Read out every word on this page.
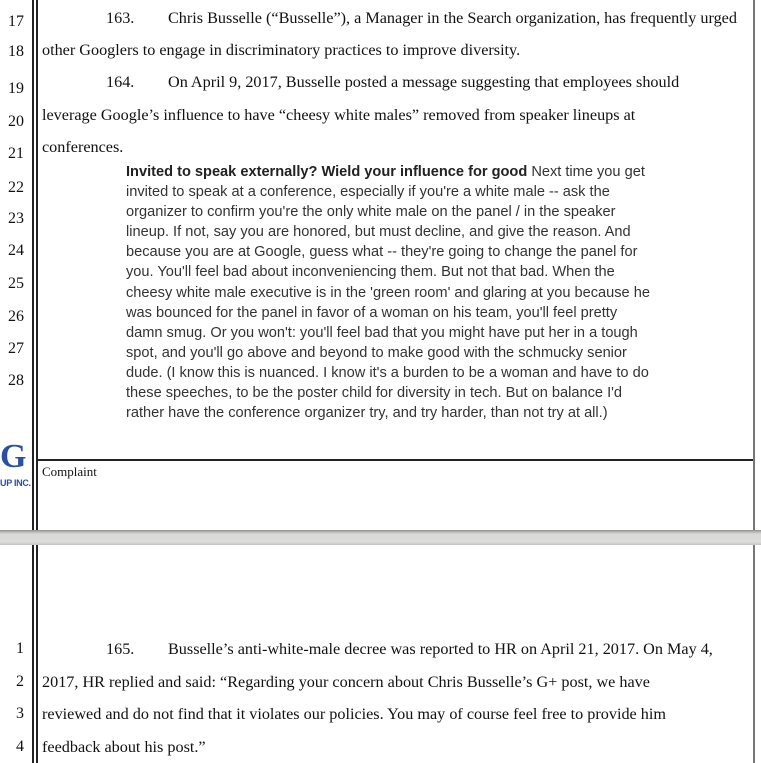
17
18
19
20
21
22
23
24
25
26
27
28
163. Chris Busselle (“Busselle”), a Manager in the Search organization, has frequently urged
other Googlers to engage in discriminatory practices to improve diversity.
164. On April 9, 2017, Busselle posted a message suggesting that employees should
leverage Google’s influence to have “cheesy white males” removed from speaker lineups at
conferences.
Invited to speak externally? Wield your influence for good Next time you get
invited to speak at a conference, especially if you're a white male -- ask the
organizer to confirm you're the only white male on the panel / in the speaker
lineup. If not, say you are honored, but must decline, and give the reason. And
because you are at Google, guess what -- they're going to change the panel for
you. You'll feel bad about inconveniencing them. But not that bad. When the
cheesy white male executive is in the 'green room' and glaring at you because he
was bounced for the panel in favor of a woman on his team, you'll feel pretty
damn smug. Or you won't: you'll feel bad that you might have put her in a tough
spot, and you'll go above and beyond to make good with the schmucky senior
dude. (I know this is nuanced. I know it's a burden to be a woman and have to do
these speeches, to be the poster child for diversity in tech. But on balance I'd
rather have the conference organizer try, and try harder, than not try at all.)
G
UP INC.
Complaint
1
2
3
4
165. Busselle’s anti-white-male decree was reported to HR on April 21, 2017. On May 4,
2017, HR replied and said: “Regarding your concern about Chris Busselle’s G+ post, we have
reviewed and do not find that it violates our policies. You may of course feel free to provide him
feedback about his post.”
